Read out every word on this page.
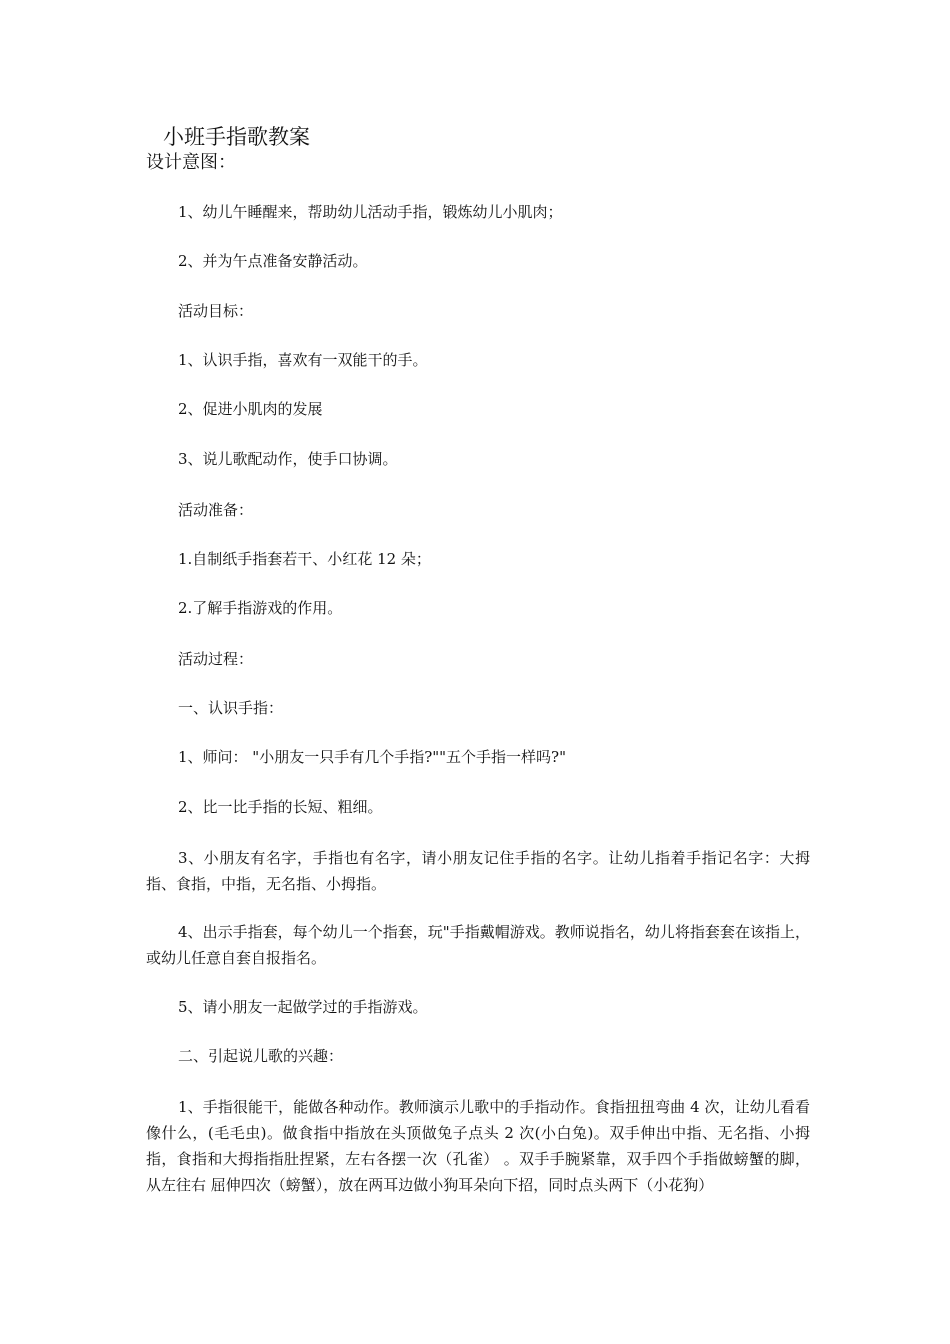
小班手指歌教案
设计意图：
1、幼儿午睡醒来，帮助幼儿活动手指，锻炼幼儿小肌肉；
2、并为午点准备安静活动。
活动目标：
1、认识手指，喜欢有一双能干的手。
2、促进小肌肉的发展
3、说儿歌配动作，使手口协调。
活动准备：
1.自制纸手指套若干、小红花 12 朵；
2.了解手指游戏的作用。
活动过程：
一、认识手指：
1、师问： "小朋友一只手有几个手指?""五个手指一样吗?"
2、比一比手指的长短、粗细。
3、小朋友有名字，手指也有名字，请小朋友记住手指的名字。让幼儿指着手指记名字：大拇指、食指，中指，无名指、小拇指。
4、出示手指套，每个幼儿一个指套，玩"手指戴帽游戏。教师说指名，幼儿将指套套在该指上，或幼儿任意自套自报指名。
5、请小朋友一起做学过的手指游戏。
二、引起说儿歌的兴趣：
1、手指很能干，能做各种动作。教师演示儿歌中的手指动作。食指扭扭弯曲 4 次，让幼儿看看像什么，(毛毛虫)。做食指中指放在头顶做兔子点头 2 次(小白兔)。双手伸出中指、无名指、小拇指，食指和大拇指指肚捏紧，左右各摆一次（孔雀） 。双手手腕紧靠，双手四个手指做螃蟹的脚，从左往右 屈伸四次（螃蟹），放在两耳边做小狗耳朵向下招，同时点头两下（小花狗）
